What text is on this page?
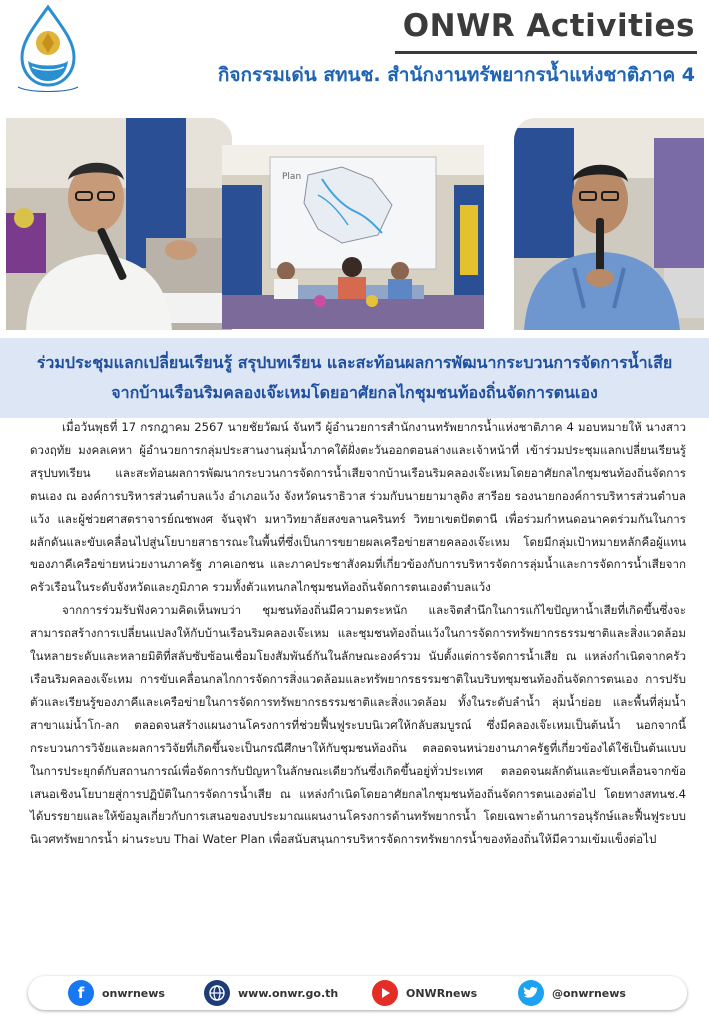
ONWR Activities
กิจกรรมเด่น สทนช. สำนักงานทรัพยากรน้ำแห่งชาติภาค 4
Plan
ร่วมประชุมแลกเปลี่ยนเรียนรู้ สรุปบทเรียน และสะท้อนผลการพัฒนากระบวนการจัดการน้ำเสีย
จากบ้านเรือนริมคลองเจ๊ะเหมโดยอาศัยกลไกชุมชนท้องถิ่นจัดการตนเอง

เมื่อวันพุธที่ 17 กรกฎาคม 2567 นายชัยวัฒน์ จันทวี ผู้อำนวยการสำนักงานทรัพยากรน้ำแห่งชาติภาค 4 มอบหมายให้ นางสาวดวงฤทัย มงคลเคหา ผู้อำนวยการกลุ่มประสานงานลุ่มน้ำภาคใต้ฝั่งตะวันออกตอนล่างและเจ้าหน้าที่ เข้าร่วมประชุมแลกเปลี่ยนเรียนรู้ สรุปบทเรียน และสะท้อนผลการพัฒนากระบวนการจัดการน้ำเสียจากบ้านเรือนริมคลองเจ๊ะเหมโดยอาศัยกลไกชุมชนท้องถิ่นจัดการตนเอง ณ องค์การบริหารส่วนตำบลแว้ง อำเภอแว้ง จังหวัดนราธิวาส ร่วมกับนายยามาลูดิง สารีอย รองนายกองค์การบริหารส่วนตำบลแว้ง และผู้ช่วยศาสตราจารย์ณชพงศ จันจุฬา มหาวิทยาลัยสงขลานครินทร์ วิทยาเขตปัตตานี เพื่อร่วมกำหนดอนาคตร่วมกันในการผลักดันและขับเคลื่อนไปสู่นโยบายสาธารณะในพื้นที่ซึ่งเป็นการขยายผลเครือข่ายสายคลองเจ๊ะเหม โดยมีกลุ่มเป้าหมายหลักคือผู้แทนของภาคีเครือข่ายหน่วยงานภาครัฐ ภาคเอกชน และภาคประชาสังคมที่เกี่ยวข้องกับการบริหารจัดการลุ่มน้ำและการจัดการน้ำเสียจากครัวเรือนในระดับจังหวัดและภูมิภาค รวมทั้งตัวแทนกลไกชุมชนท้องถิ่นจัดการตนเองตำบลแว้ง

จากการร่วมรับฟังความคิดเห็นพบว่า ชุมชนท้องถิ่นมีความตระหนัก และจิตสำนึกในการแก้ไขปัญหาน้ำเสียที่เกิดขึ้นซึ่งจะสามารถสร้างการเปลี่ยนแปลงให้กับบ้านเรือนริมคลองเจ๊ะเหม และชุมชนท้องถิ่นแว้งในการจัดการทรัพยากรธรรมชาติและสิ่งแวดล้อมในหลายระดับและหลายมิติที่สลับซับซ้อนเชื่อมโยงสัมพันธ์กันในลักษณะองค์รวม นับตั้งแต่การจัดการน้ำเสีย ณ แหล่งกำเนิดจากครัวเรือนริมคลองเจ๊ะเหม การขับเคลื่อนกลไกการจัดการสิ่งแวดล้อมและทรัพยากรธรรมชาติในบริบทชุมชนท้องถิ่นจัดการตนเอง การปรับตัวและเรียนรู้ของภาคีและเครือข่ายในการจัดการทรัพยากรธรรมชาติและสิ่งแวดล้อม ทั้งในระดับลำน้ำ ลุ่มน้ำย่อย และพื้นที่ลุ่มน้ำสาขาแม่น้ำโก-ลก ตลอดจนสร้างแผนงานโครงการที่ช่วยฟื้นฟูระบบนิเวศให้กลับสมบูรณ์ ซึ่งมีคลองเจ๊ะเหมเป็นต้นน้ำ นอกจากนี้กระบวนการวิจัยและผลการวิจัยที่เกิดขึ้นจะเป็นกรณีศึกษาให้กับชุมชนท้องถิ่น ตลอดจนหน่วยงานภาครัฐที่เกี่ยวข้องได้ใช้เป็นต้นแบบในการประยุกต์กับสถานการณ์เพื่อจัดการกับปัญหาในลักษณะเดียวกันซึ่งเกิดขึ้นอยู่ทั่วประเทศ ตลอดจนผลักดันและขับเคลื่อนจากข้อเสนอเชิงนโยบายสู่การปฏิบัติในการจัดการน้ำเสีย ณ แหล่งกำเนิดโดยอาศัยกลไกชุมชนท้องถิ่นจัดการตนเองต่อไป โดยทางสทนช.4 ได้บรรยายและให้ข้อมูลเกี่ยวกับการเสนอของบประมาณแผนงานโครงการด้านทรัพยากรน้ำ โดยเฉพาะด้านการอนุรักษ์และฟื้นฟูระบบนิเวศทรัพยากรน้ำ ผ่านระบบ Thai Water Plan เพื่อสนับสนุนการบริหารจัดการทรัพยากรน้ำของท้องถิ่นให้มีความเข้มแข็งต่อไป

f	onwrnews	www.onwr.go.th	ONWRnews	@onwrnews
